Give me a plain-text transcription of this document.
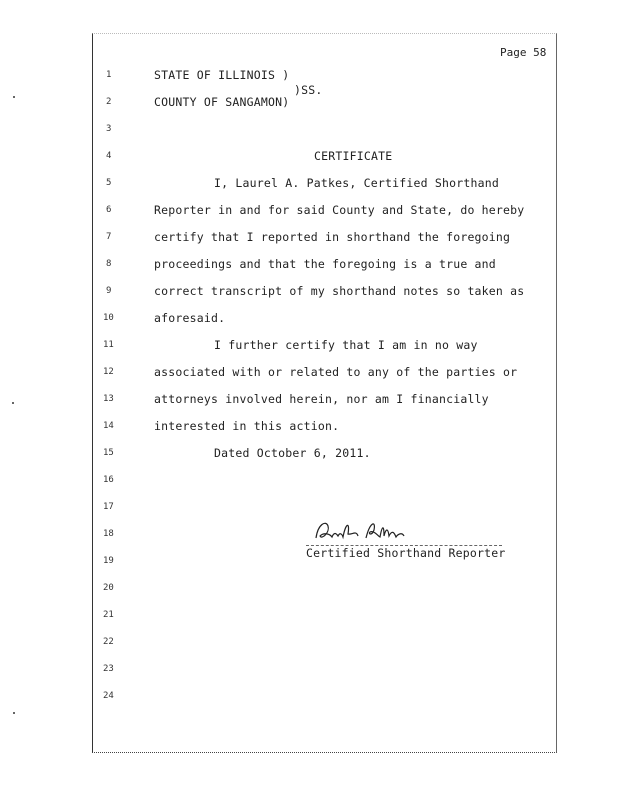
Page 58
1
2
3
4
5
6
7
8
9
10
11
12
13
14
15
16
17
18
19
20
21
22
23
24
STATE OF ILLINOIS )
)SS.
COUNTY OF SANGAMON)
CERTIFICATE
I, Laurel A. Patkes, Certified Shorthand
Reporter in and for said County and State, do hereby
certify that I reported in shorthand the foregoing
proceedings and that the foregoing is a true and
correct transcript of my shorthand notes so taken as
aforesaid.
I further certify that I am in no way
associated with or related to any of the parties or
attorneys involved herein, nor am I financially
interested in this action.
Dated October 6, 2011.
Certified Shorthand Reporter
